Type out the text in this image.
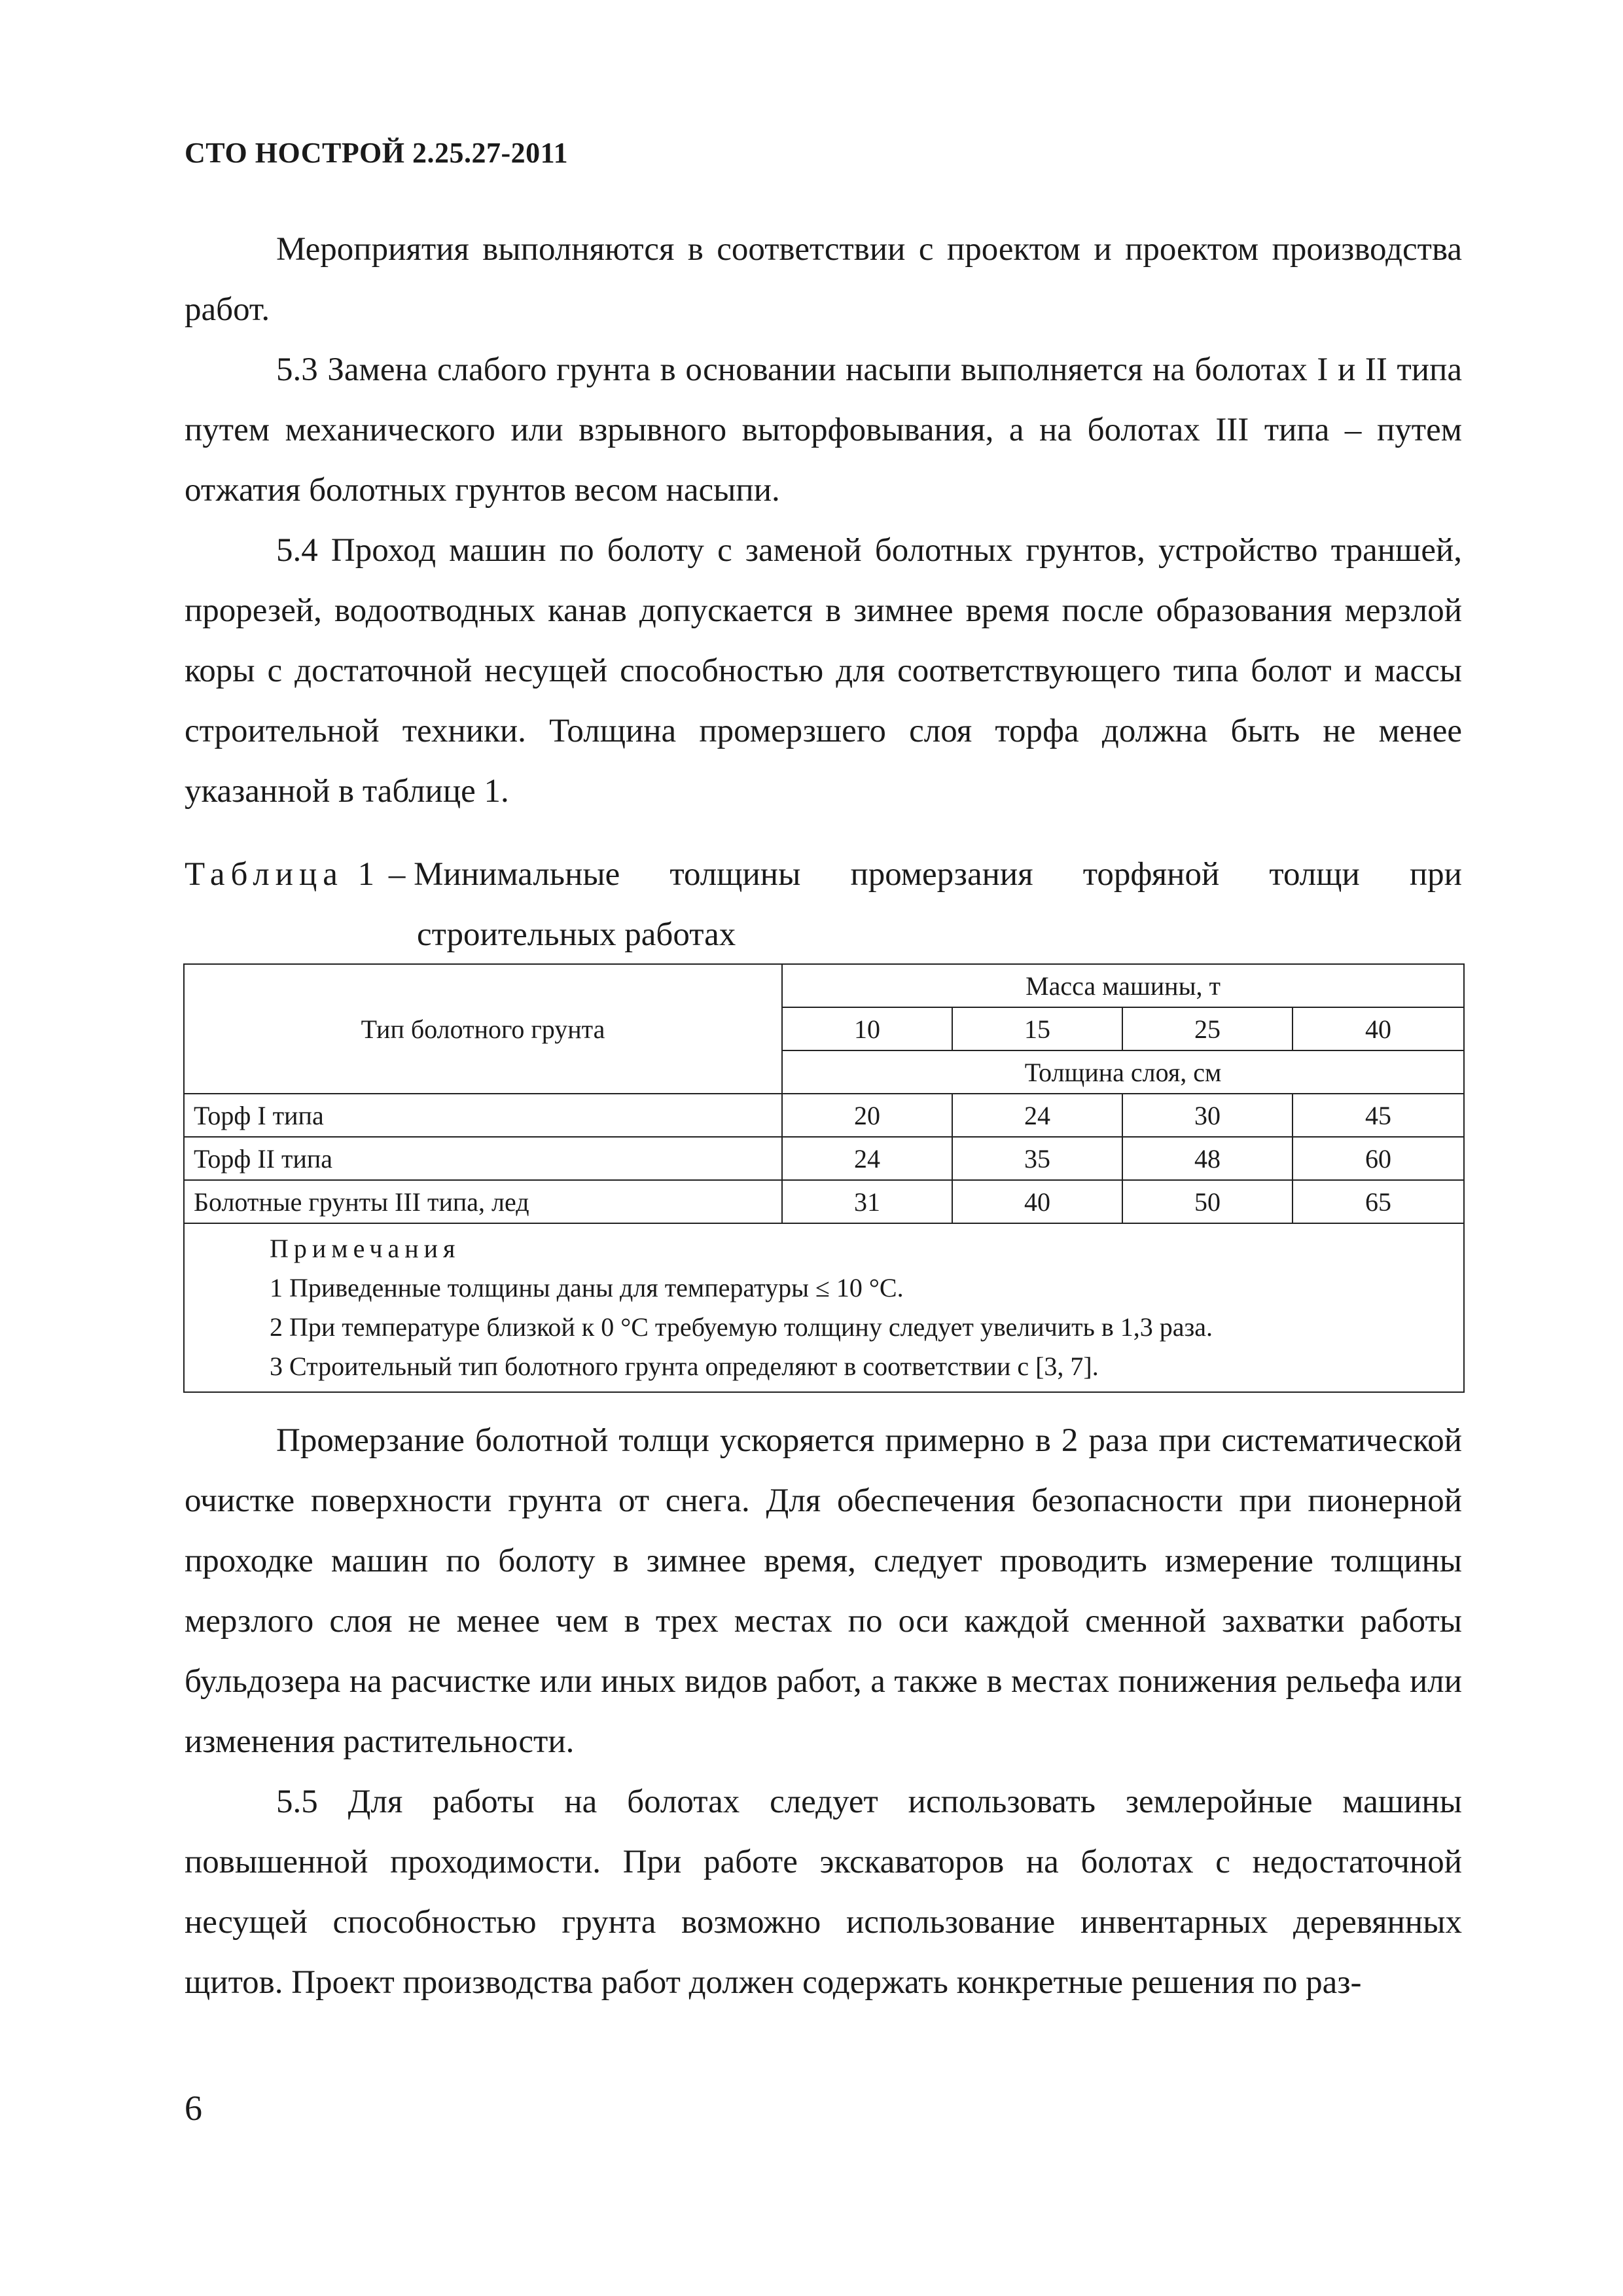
СТО НОСТРОЙ 2.25.27-2011

Мероприятия выполняются в соответствии с проектом и проектом производства работ.

5.3 Замена слабого грунта в основании насыпи выполняется на болотах I и II типа путем механического или взрывного выторфовывания, а на болотах III типа – путем отжатия болотных грунтов весом насыпи.

5.4 Проход машин по болоту с заменой болотных грунтов, устройство траншей, прорезей, водоотводных канав допускается в зимнее время после образования мерзлой коры с достаточной несущей способностью для соответствующего типа болот и массы строительной техники. Толщина промерзшего слоя торфа должна быть не менее указанной в таблице 1.

Таблица 1 – Минимальные толщины промерзания торфяной толщи при
строительных работах
Тип болотного грунта	Масса машины, т			
	10	15	25	40
	Толщина слоя, см			
Торф I типа	20	24	30	45
Торф II типа	24	35	48	60
Болотные грунты III типа, лед	31	40	50	65

Примечания
1 Приведенные толщины даны для температуры ≤ 10 °С.
2 При температуре близкой к 0 °С требуемую толщину следует увеличить в 1,3 раза.
3 Строительный тип болотного грунта определяют в соответствии с [3, 7].				

Промерзание болотной толщи ускоряется примерно в 2 раза при систематической очистке поверхности грунта от снега. Для обеспечения безопасности при пионерной проходке машин по болоту в зимнее время, следует проводить измерение толщины мерзлого слоя не менее чем в трех местах по оси каждой сменной захватки работы бульдозера на расчистке или иных видов работ, а также в местах понижения рельефа или изменения растительности.

5.5 Для работы на болотах следует использовать землеройные машины повышенной проходимости. При работе экскаваторов на болотах с недостаточной несущей способностью грунта возможно использование инвентарных деревянных щитов. Проект производства работ должен содержать конкретные решения по раз-

6
